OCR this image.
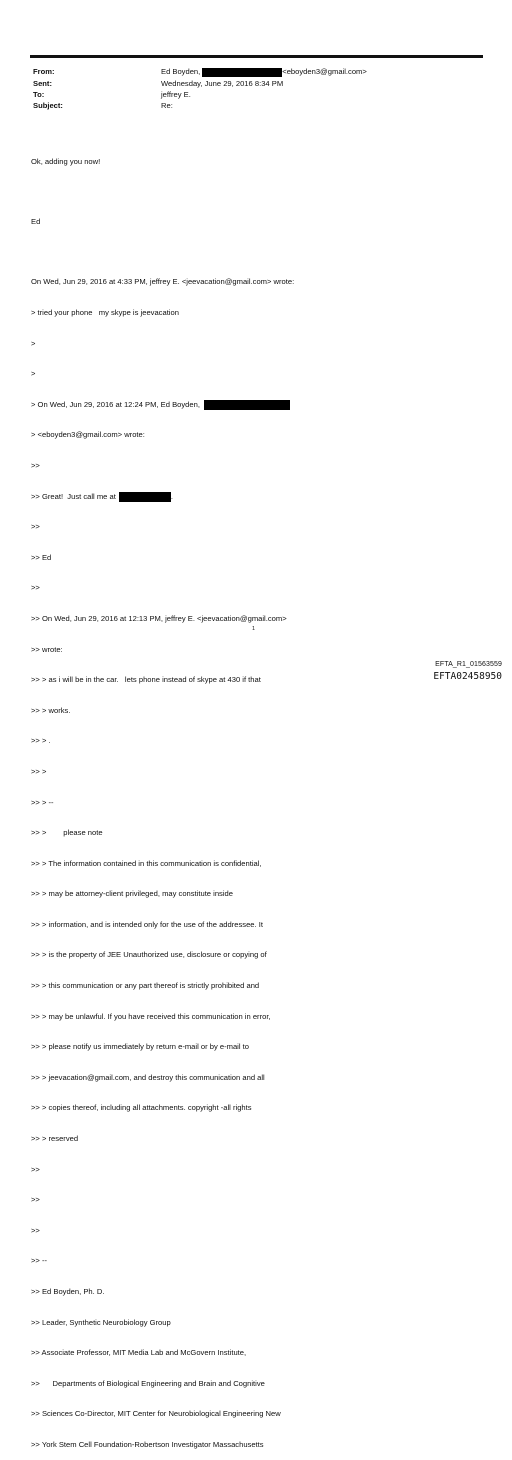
From:	Ed Boyden,	<eboyden3@gmail.com>
Sent:	Wednesday, June 29, 2016 8:34 PM
To:	jeffrey E.
Subject:	Re:

Ok, adding you now!

Ed

On Wed, Jun 29, 2016 at 4:33 PM, jeffrey E. <jeevacation@gmail.com> wrote:

> tried your phone   my skype is jeevacation

>

>

> On Wed, Jun 29, 2016 at 12:24 PM, Ed Boyden,

> <eboyden3@gmail.com> wrote:

>>

>> Great!  Just call me at	.

>>

>> Ed

>>

>> On Wed, Jun 29, 2016 at 12:13 PM, jeffrey E. <jeevacation@gmail.com>

>> wrote:

>> > as i will be in the car.   lets phone instead of skype at 430 if that

>> > works.

>> > .

>> >

>> > --

>> >        please note

>> > The information contained in this communication is confidential,

>> > may be attorney-client privileged, may constitute inside

>> > information, and is intended only for the use of the addressee. It

>> > is the property of JEE Unauthorized use, disclosure or copying of

>> > this communication or any part thereof is strictly prohibited and

>> > may be unlawful. If you have received this communication in error,

>> > please notify us immediately by return e-mail or by e-mail to

>> > jeevacation@gmail.com, and destroy this communication and all

>> > copies thereof, including all attachments. copyright -all rights

>> > reserved

>>

>>

>>

>> --

>> Ed Boyden, Ph. D.

>> Leader, Synthetic Neurobiology Group

>> Associate Professor, MIT Media Lab and McGovern Institute,

>>      Departments of Biological Engineering and Brain and Cognitive

>> Sciences Co-Director, MIT Center for Neurobiological Engineering New

>> York Stem Cell Foundation-Robertson Investigator Massachusetts

1
EFTA_R1_01563559
EFTA02458950
